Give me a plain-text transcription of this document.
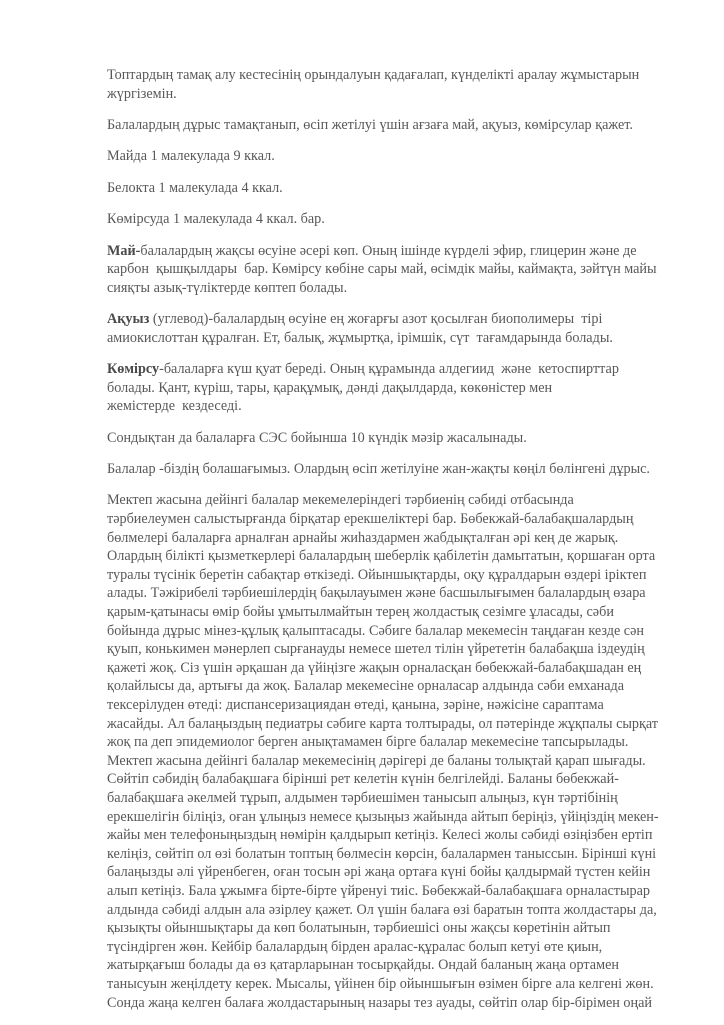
Топтардың тамақ алу кестесінің орындалуын қадағалап, күнделікті аралау жұмыстарын
жүргіземін.
Балалардың дұрыс тамақтанып, өсіп жетілуі үшін ағзаға май, ақуыз, көмірсулар қажет.
Майда 1 малекулада 9 ккал.
Белокта 1 малекулада 4 ккал.
Көмірсуда 1 малекулада 4 ккал. бар.
Май-балалардың жақсы өсуіне әсері көп. Оның ішінде күрделі эфир, глицерин және де
карбон  қышқылдары  бар. Көмірсу көбіне сары май, өсімдік майы, каймақта, зәйтүн майы
сияқты азық-түліктерде көптеп болады.
Ақуыз (углевод)-балалардың өсуіне ең жоғарғы азот қосылған биополимеры  тірі
амиокислоттан құралған. Ет, балық, жұмыртқа, ірімшік, сүт  тағамдарында болады.
Көмірсу-балаларға күш қуат береді. Оның құрамында алдегиид  және  кетоспирттар
болады. Қант, күріш, тары, қарақұмық, дәнді дақылдарда, көкөністер мен
жемістерде  кездеседі.
Сондықтан да балаларға СЭС бойынша 10 күндік мәзір жасалынады.
Балалар -біздің болашағымыз. Олардың өсіп жетілуіне жан-жақты көңіл бөлінгені дұрыс.
Мектеп жасына дейінгі балалар мекемелеріндегі тәрбиенің сәбиді отбасында
тәрбиелеумен салыстырғанда бірқатар ерекшеліктері бар. Бөбекжай-балабақшалардың
бөлмелері балаларға арналған арнайы жиһаздармен жабдықталған әрі кең де жарық.
Олардың білікті қызметкерлері балалардың шеберлік қабілетін дамытатын, қоршаған орта
туралы түсінік беретін сабақтар өткізеді. Ойыншықтарды, оқу құралдарын өздері іріктеп
алады. Тәжірибелі тәрбиешілердің бақылауымен және басшылығымен балалардың өзара
қарым-қатынасы өмір бойы ұмытылмайтын терең жолдастық сезімге ұласады, сәби
бойында дұрыс мінез-құлық қалыптасады. Сәбиге балалар мекемесін таңдаған кезде сән
қуып, конькимен мәнерлеп сырғанауды немесе шетел тілін үйрететін балабақша іздеудің
қажеті жоқ. Сіз үшін әрқашан да үйіңізге жақын орналасқан бөбекжай-балабақшадан ең
қолайлысы да, артығы да жоқ. Балалар мекемесіне орналасар алдында сәби емханада
тексерілуден өтеді: диспансеризациядан өтеді, қанына, зәріне, нәжісіне сараптама
жасайды. Ал балаңыздың педиатры сәбиге карта толтырады, ол пәтерінде жұқпалы сырқат
жоқ па деп эпидемиолог берген анықтамамен бірге балалар мекемесіне тапсырылады.
Мектеп жасына дейінгі балалар мекемесінің дәрігері де баланы толықтай қарап шығады.
Сөйтіп сәбидің балабақшаға бірінші рет келетін күнін белгілейді. Баланы бөбекжай-
балабақшаға әкелмей тұрып, алдымен тәрбиешімен танысып алыңыз, күн тәртібінің
ерекшелігін біліңіз, оған ұлыңыз немесе қызыңыз жайында айтып беріңіз, үйіңіздің мекен-
жайы мен телефоныңыздың нөмірін қалдырып кетіңіз. Келесі жолы сәбиді өзіңізбен ертіп
келіңіз, сөйтіп ол өзі болатын топтың бөлмесін көрсін, балалармен таныссын. Бірінші күні
балаңызды әлі үйренбеген, оған тосын әрі жаңа ортаға күні бойы қалдырмай түстен кейін
алып кетіңіз. Бала ұжымға бірте-бірте үйренуі тиіс. Бөбекжай-балабақшаға орналастырар
алдында сәбиді алдын ала әзірлеу қажет. Ол үшін балаға өзі баратын топта жолдастары да,
қызықты ойыншықтары да көп болатынын, тәрбиешісі оны жақсы көретінін айтып
түсіндірген жөн. Кейбір балалардың бірден аралас-құралас болып кетуі өте қиын,
жатырқағыш болады да өз қатарларынан тосырқайды. Ондай баланың жаңа ортамен
танысуын жеңілдету керек. Мысалы, үйінен бір ойыншығын өзімен бірге ала келгені жөн.
Сонда жаңа келген балаға жолдастарының назары тез ауады, сөйтіп олар бір-бірімен оңай
